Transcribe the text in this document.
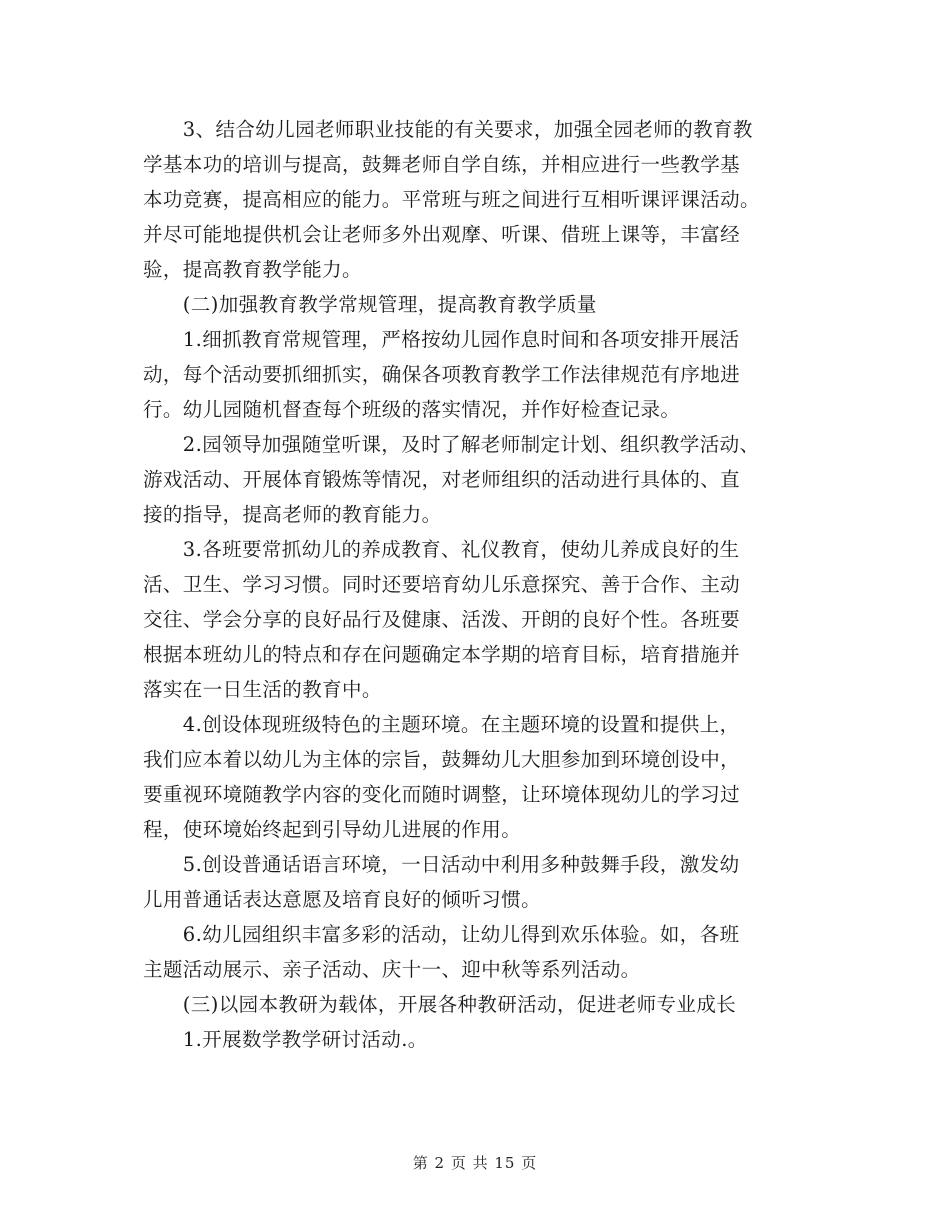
　　3、结合幼儿园老师职业技能的有关要求，加强全园老师的教育教
学基本功的培训与提高，鼓舞老师自学自练，并相应进行一些教学基
本功竞赛，提高相应的能力。平常班与班之间进行互相听课评课活动。
并尽可能地提供机会让老师多外出观摩、听课、借班上课等，丰富经
验，提高教育教学能力。
　　(二)加强教育教学常规管理，提高教育教学质量
　　1.细抓教育常规管理，严格按幼儿园作息时间和各项安排开展活
动，每个活动要抓细抓实，确保各项教育教学工作法律规范有序地进
行。幼儿园随机督查每个班级的落实情况，并作好检查记录。
　　2.园领导加强随堂听课，及时了解老师制定计划、组织教学活动、
游戏活动、开展体育锻炼等情况，对老师组织的活动进行具体的、直
接的指导，提高老师的教育能力。
　　3.各班要常抓幼儿的养成教育、礼仪教育，使幼儿养成良好的生
活、卫生、学习习惯。同时还要培育幼儿乐意探究、善于合作、主动
交往、学会分享的良好品行及健康、活泼、开朗的良好个性。各班要
根据本班幼儿的特点和存在问题确定本学期的培育目标，培育措施并
落实在一日生活的教育中。
　　4.创设体现班级特色的主题环境。在主题环境的设置和提供上，
我们应本着以幼儿为主体的宗旨，鼓舞幼儿大胆参加到环境创设中，
要重视环境随教学内容的变化而随时调整，让环境体现幼儿的学习过
程，使环境始终起到引导幼儿进展的作用。
　　5.创设普通话语言环境，一日活动中利用多种鼓舞手段，激发幼
儿用普通话表达意愿及培育良好的倾听习惯。
　　6.幼儿园组织丰富多彩的活动，让幼儿得到欢乐体验。如，各班
主题活动展示、亲子活动、庆十一、迎中秋等系列活动。
　　(三)以园本教研为载体，开展各种教研活动，促进老师专业成长
　　1.开展数学教学研讨活动.。
第 2 页 共 15 页
